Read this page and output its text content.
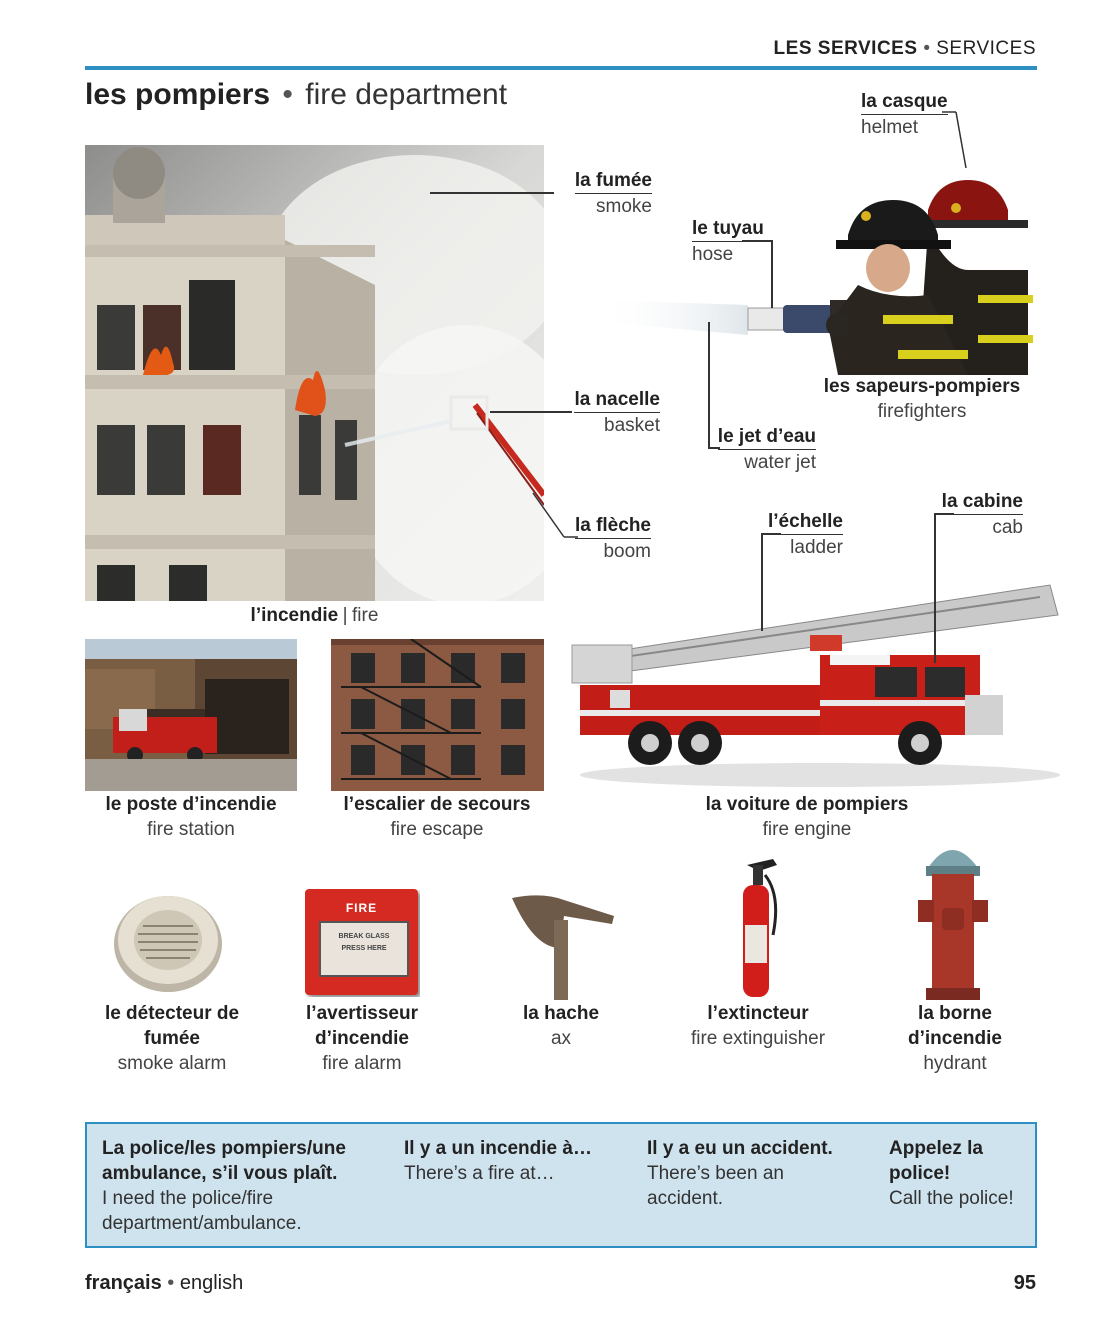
LES SERVICES • SERVICES
les pompiers • fire department
la fumée
smoke
la nacelle
basket
la flèche
boom
l’incendie | fire
la casque
helmet
le tuyau
hose
le jet d’eau
water jet
les sapeurs-pompiers
firefighters
le poste d’incendie
fire station
l’escalier de secours
fire escape
l’échelle
ladder
la cabine
cab
la voiture de pompiers
fire engine
le détecteur de
fumée
smoke alarm
FIRE
BREAK GLASS
PRESS HERE
l’avertisseur
d’incendie
fire alarm
la hache
ax
l’extincteur
fire extinguisher
la borne
d’incendie
hydrant
La police/les pompiers/une
ambulance, s’il vous plaît.
I need the police/fire
department/ambulance.
Il y a un incendie à…
There’s a fire at…
Il y a eu un accident.
There’s been an
accident.
Appelez la
police!
Call the police!
français • english	95
